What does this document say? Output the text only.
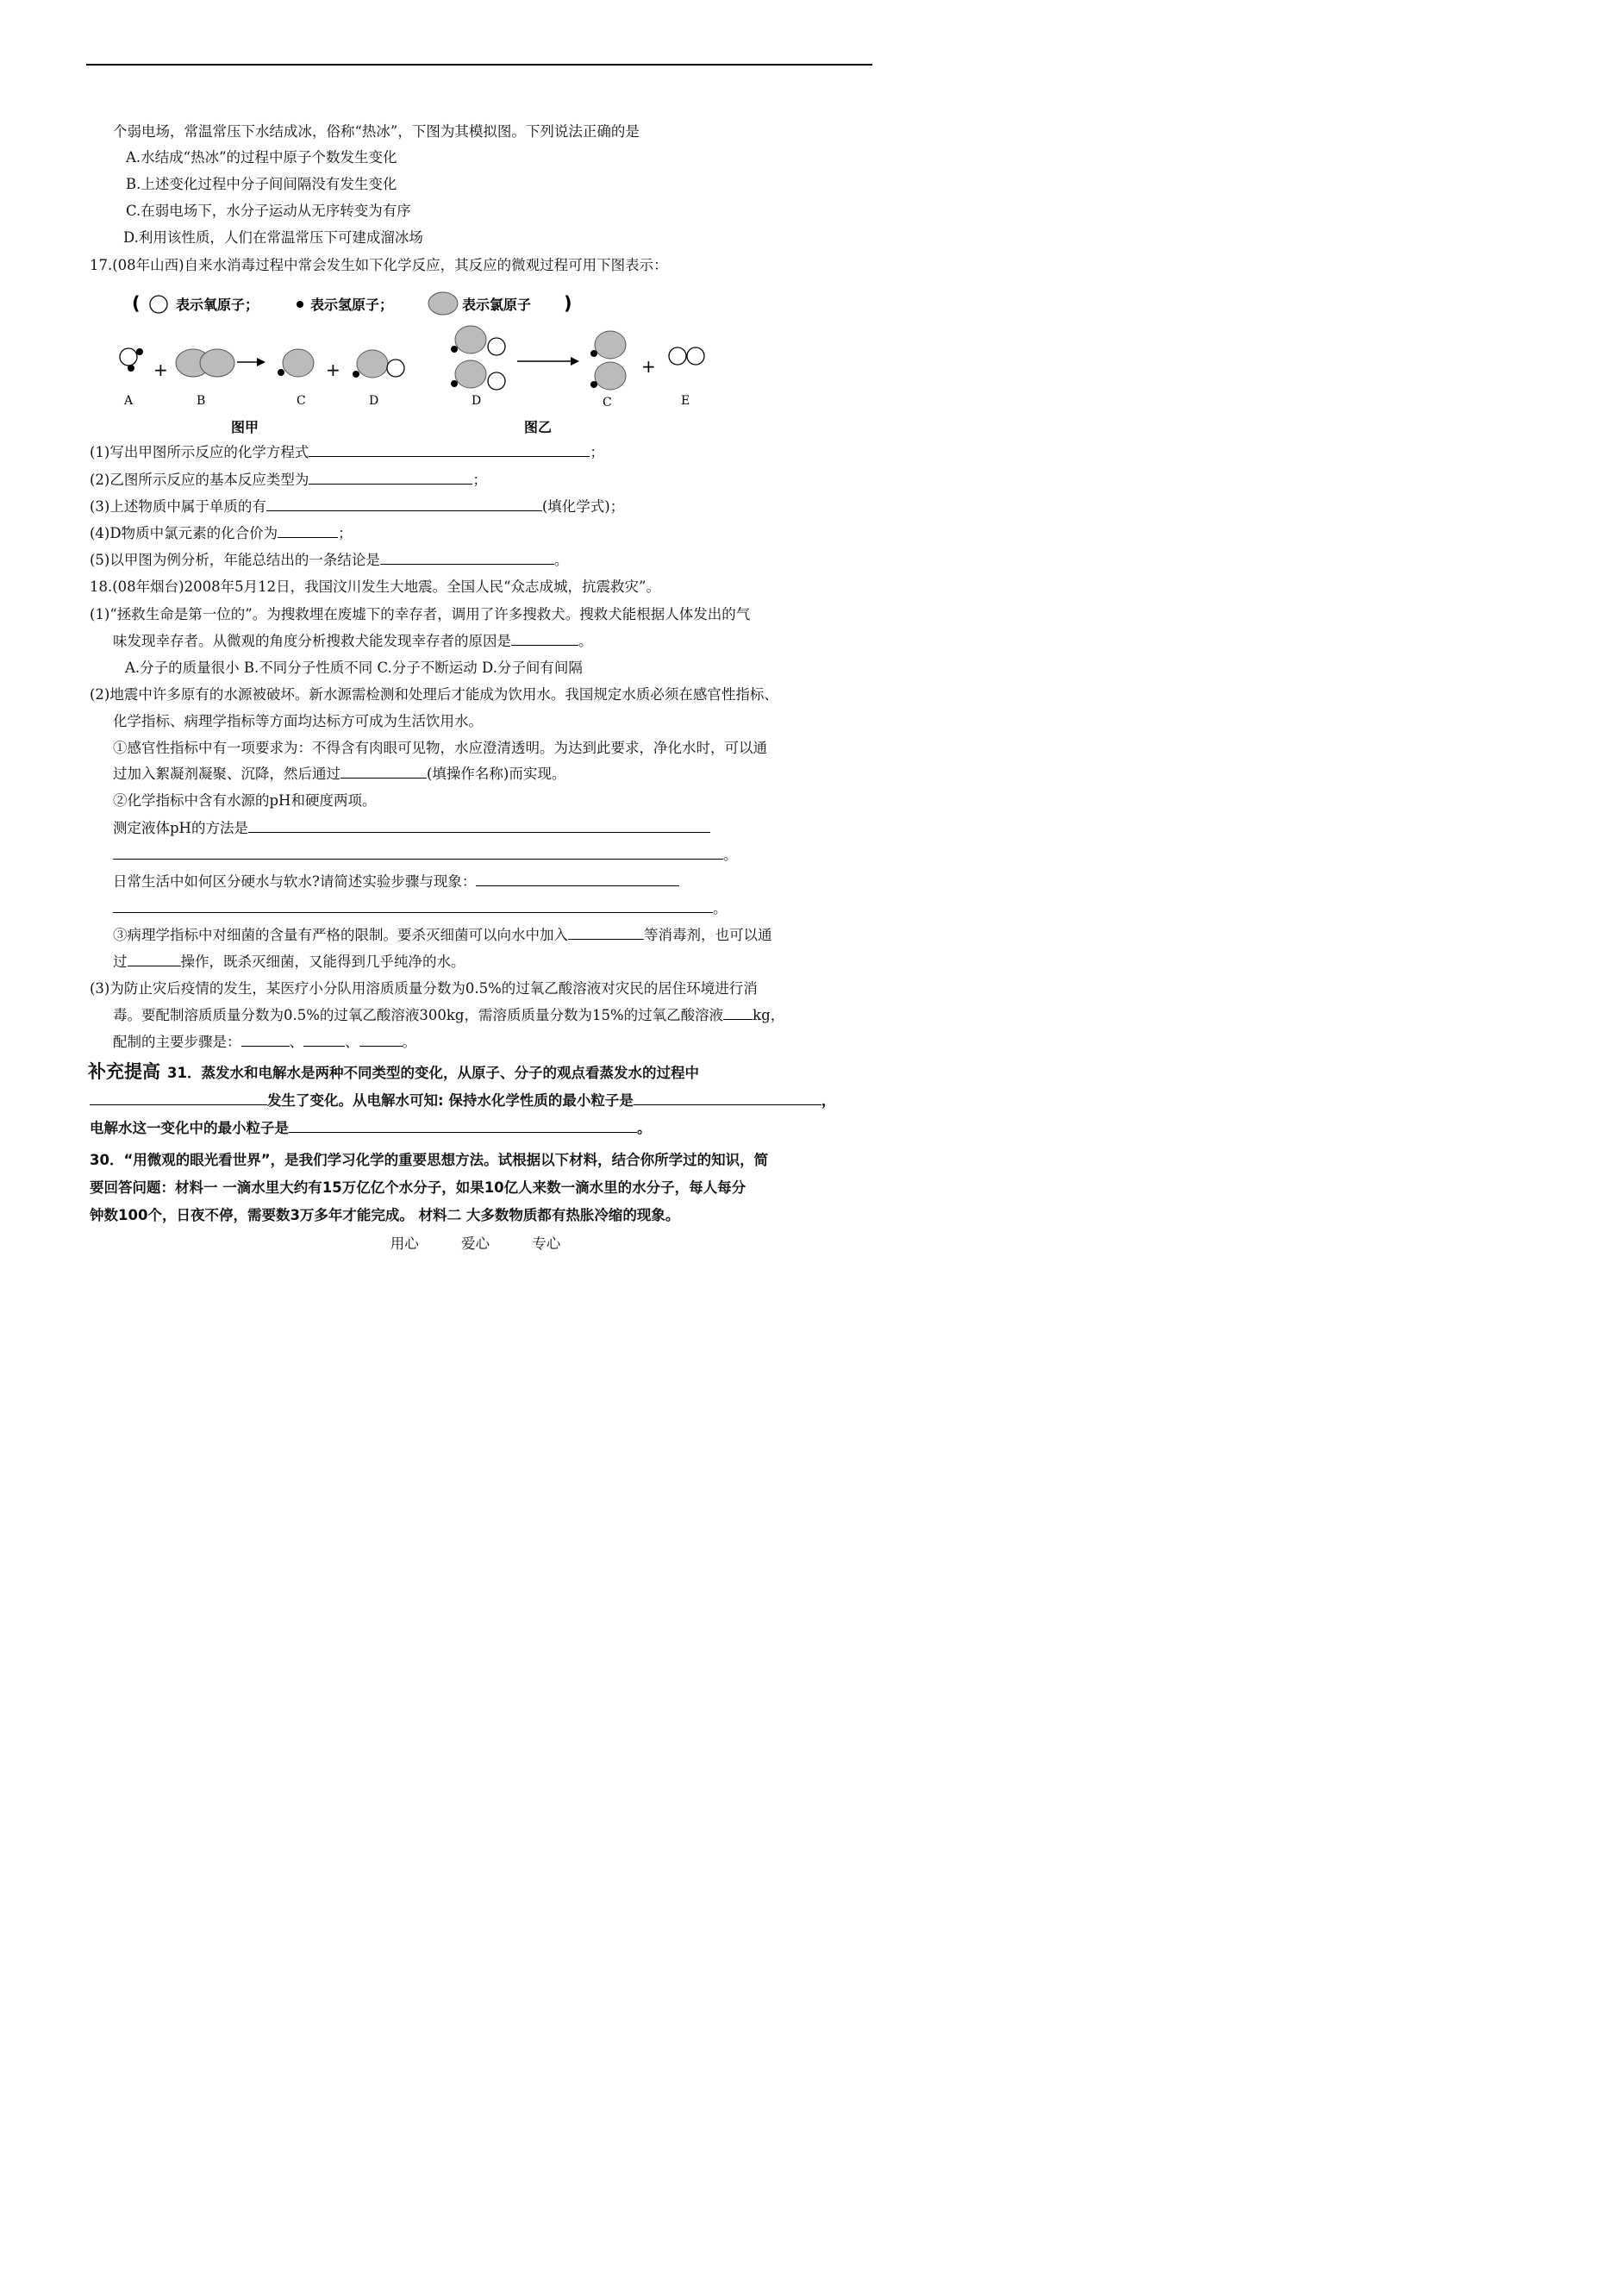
个弱电场，常温常压下水结成冰，俗称“热冰”，下图为其模拟图。下列说法正确的是
A.水结成“热冰”的过程中原子个数发生变化
B.上述变化过程中分子间间隔没有发生变化
C.在弱电场下，水分子运动从无序转变为有序
D.利用该性质，人们在常温常压下可建成溜冰场
17.(08年山西)自来水消毒过程中常会发生如下化学反应，其反应的微观过程可用下图表示：
(	表示氧原子；	表示氢原子；	表示氯原子 )
+	+
A	B	C	D	D	C
图甲	图乙
+
E
(1)写出甲图所示反应的化学方程式	；
(2)乙图所示反应的基本反应类型为	；
(3)上述物质中属于单质的有	(填化学式)；
(4)D物质中氯元素的化合价为	；
(5)以甲图为例分析，年能总结出的一条结论是	。
18.(08年烟台)2008年5月12日，我国汶川发生大地震。全国人民“众志成城，抗震救灾”。
(1)“拯救生命是第一位的”。为搜救埋在废墟下的幸存者，调用了许多搜救犬。搜救犬能根据人体发出的气
味发现幸存者。从微观的角度分析搜救犬能发现幸存者的原因是	。
A.分子的质量很小 B.不同分子性质不同 C.分子不断运动 D.分子间有间隔
(2)地震中许多原有的水源被破坏。新水源需检测和处理后才能成为饮用水。我国规定水质必须在感官性指标、
化学指标、病理学指标等方面均达标方可成为生活饮用水。
①感官性指标中有一项要求为：不得含有肉眼可见物，水应澄清透明。为达到此要求，净化水时，可以通
过加入絮凝剂凝聚、沉降，然后通过	(填操作名称)而实现。
②化学指标中含有水源的pH和硬度两项。
测定液体pH的方法是
。
日常生活中如何区分硬水与软水?请简述实验步骤与现象：
。
③病理学指标中对细菌的含量有严格的限制。要杀灭细菌可以向水中加入	等消毒剂，也可以通
过	操作，既杀灭细菌，又能得到几乎纯净的水。
(3)为防止灾后疫情的发生，某医疗小分队用溶质质量分数为0.5%的过氧乙酸溶液对灾民的居住环境进行消
毒。要配制溶质质量分数为0.5%的过氧乙酸溶液300kg，需溶质质量分数为15%的过氧乙酸溶液 kg，
配制的主要步骤是：	、	、	。
补充提高 31．蒸发水和电解水是两种不同类型的变化，从原子、分子的观点看蒸发水的过程中
发生了变化。从电解水可知: 保持水化学性质的最小粒子是	，
电解水这一变化中的最小粒子是	。
30．“用微观的眼光看世界”，是我们学习化学的重要思想方法。试根据以下材料，结合你所学过的知识，简
要回答问题：材料一 一滴水里大约有15万亿亿个水分子，如果10亿人来数一滴水里的水分子，每人每分
钟数100个，日夜不停，需要数3万多年才能完成。 材料二 大多数物质都有热胀冷缩的现象。
用心	爱心	专心
